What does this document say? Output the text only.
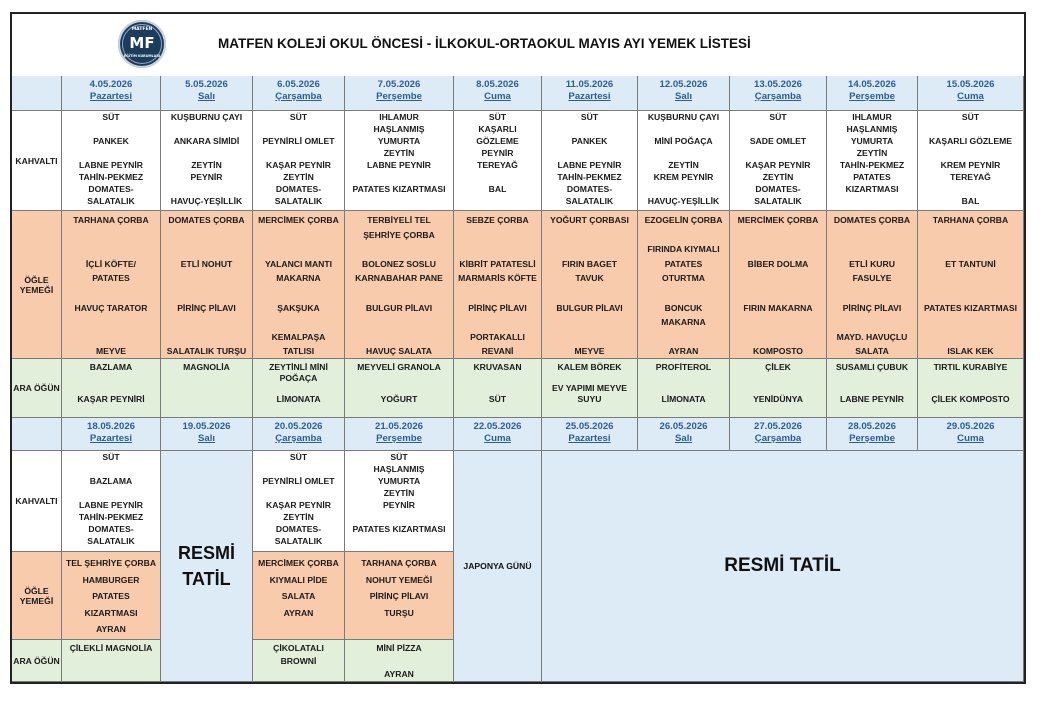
MATFEN
MF
EĞİTİM KURUMLARI
MATFEN KOLEJİ OKUL ÖNCESİ - İLKOKUL-ORTAOKUL MAYIS AYI YEMEK LİSTESİ
KAHVALTI
ÖĞLE YEMEĞİ
ARA ÖĞÜN
4.05.2026
Pazartesi
SÜT
PANKEK
LABNE PEYNİR
TAHİN-PEKMEZ
DOMATES-
SALATALIK
TARHANA ÇORBA
İÇLİ KÖFTE/
PATATES
HAVUÇ TARATOR
MEYVE
BAZLAMA
KAŞAR PEYNİRİ
5.05.2026
Salı
KUŞBURNU ÇAYI
ANKARA SİMİDİ
ZEYTİN
PEYNİR
HAVUÇ-YEŞİLLİK
DOMATES ÇORBA
ETLİ NOHUT
PİRİNÇ PİLAVI
SALATALIK TURŞU
MAGNOLİA
6.05.2026
Çarşamba
SÜT
PEYNİRLİ OMLET
KAŞAR PEYNİR
ZEYTİN
DOMATES-
SALATALIK
MERCİMEK ÇORBA
YALANCI MANTI
MAKARNA
ŞAKŞUKA
KEMALPAŞA
TATLISI
ZEYTİNLİ MİNİ
POĞAÇA
LİMONATA
7.05.2026
Perşembe
IHLAMUR
HAŞLANMIŞ
YUMURTA
ZEYTİN
LABNE PEYNİR
PATATES KIZARTMASI
TERBİYELİ TEL
ŞEHRİYE ÇORBA
BOLONEZ SOSLU
KARNABAHAR PANE
BULGUR PİLAVI
HAVUÇ SALATA
MEYVELİ GRANOLA
YOĞURT
8.05.2026
Cuma
SÜT
KAŞARLI
GÖZLEME
PEYNİR
TEREYAĞ
BAL
SEBZE ÇORBA
KİBRİT PATATESLİ
MARMARİS KÖFTE
PİRİNÇ PİLAVI
PORTAKALLI
REVANİ
KRUVASAN
SÜT
11.05.2026
Pazartesi
SÜT
PANKEK
LABNE PEYNİR
TAHİN-PEKMEZ
DOMATES-
SALATALIK
YOĞURT ÇORBASI
FIRIN BAGET
TAVUK
BULGUR PİLAVI
MEYVE
KALEM BÖREK
EV YAPIMI MEYVE
SUYU
12.05.2026
Salı
KUŞBURNU ÇAYI
MİNİ POĞAÇA
ZEYTİN
KREM PEYNİR
HAVUÇ-YEŞİLLİK
EZOGELİN ÇORBA
FIRINDA KIYMALI
PATATES
OTURTMA
BONCUK
MAKARNA
AYRAN
PROFİTEROL
LİMONATA
13.05.2026
Çarşamba
SÜT
SADE OMLET
KAŞAR PEYNİR
ZEYTİN
DOMATES-
SALATALIK
MERCİMEK ÇORBA
BİBER DOLMA
FIRIN MAKARNA
KOMPOSTO
ÇİLEK
YENİDÜNYA
14.05.2026
Perşembe
IHLAMUR
HAŞLANMIŞ
YUMURTA
ZEYTİN
TAHİN-PEKMEZ
PATATES
KIZARTMASI
DOMATES ÇORBA
ETLİ KURU
FASULYE
PİRİNÇ PİLAVI
MAYD. HAVUÇLU
SALATA
SUSAMLI ÇUBUK
LABNE PEYNİR
15.05.2026
Cuma
SÜT
KAŞARLI GÖZLEME
KREM PEYNİR
TEREYAĞ
BAL
TARHANA ÇORBA
ET TANTUNİ
PATATES KIZARTMASI
ISLAK KEK
TIRTIL KURABİYE
ÇİLEK KOMPOSTO
KAHVALTI
ÖĞLE YEMEĞİ
ARA ÖĞÜN
18.05.2026
Pazartesi
19.05.2026
Salı
20.05.2026
Çarşamba
21.05.2026
Perşembe
22.05.2026
Cuma
25.05.2026
Pazartesi
26.05.2026
Salı
27.05.2026
Çarşamba
28.05.2026
Perşembe
29.05.2026
Cuma
SÜT
BAZLAMA
LABNE PEYNİR
TAHİN-PEKMEZ
DOMATES-
SALATALIK
TEL ŞEHRİYE ÇORBA
HAMBURGER
PATATES
KIZARTMASI
AYRAN
ÇİLEKLİ MAGNOLİA
SÜT
PEYNİRLİ OMLET
KAŞAR PEYNİR
ZEYTİN
DOMATES-
SALATALIK
MERCİMEK ÇORBA
KIYMALI PİDE
SALATA
AYRAN
ÇİKOLATALI
BROWNİ
SÜT
HAŞLANMIŞ
YUMURTA
ZEYTİN
PEYNİR
PATATES KIZARTMASI
TARHANA ÇORBA
NOHUT YEMEĞİ
PİRİNÇ PİLAVI
TURŞU
MİNİ PİZZA
AYRAN
RESMİ
TATİL
JAPONYA GÜNÜ	RESMİ TATİL
